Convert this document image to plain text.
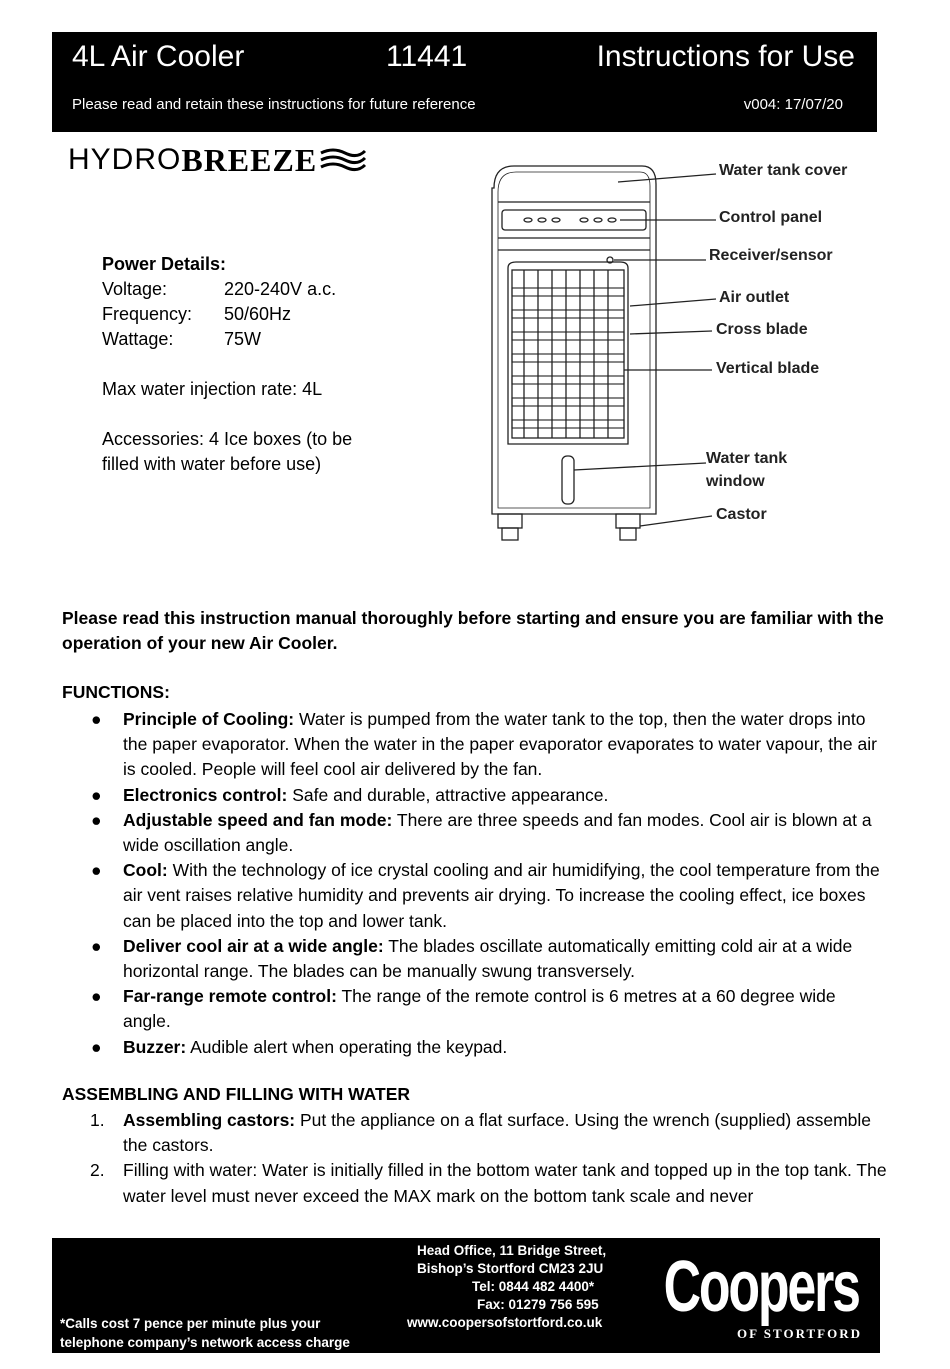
4L Air Cooler	11441	Instructions for Use
Please read and retain these instructions for future reference	v004: 17/07/20
HYDRO BREEZE
Power Details:
Voltage:	220-240V a.c.
Frequency:	50/60Hz
Wattage:	75W
Max water injection rate: 4L
Accessories: 4 Ice boxes (to be
filled with water before use)
Water tank cover
Control panel
Receiver/sensor
Air outlet
Cross blade
Vertical blade
Water tank
window
Castor
Please read this instruction manual thoroughly before starting and ensure you are familiar with the operation of your new Air Cooler.
FUNCTIONS:
● Principle of Cooling: Water is pumped from the water tank to the top, then the water drops into the paper evaporator. When the water in the paper evaporator evaporates to water vapour, the air is cooled. People will feel cool air delivered by the fan.
● Electronics control: Safe and durable, attractive appearance.
● Adjustable speed and fan mode: There are three speeds and fan modes. Cool air is blown at a wide oscillation angle.
● Cool: With the technology of ice crystal cooling and air humidifying, the cool temperature from the air vent raises relative humidity and prevents air drying. To increase the cooling effect, ice boxes can be placed into the top and lower tank.
● Deliver cool air at a wide angle: The blades oscillate automatically emitting cold air at a wide horizontal range. The blades can be manually swung transversely.
● Far-range remote control: The range of the remote control is 6 metres at a 60 degree wide angle.
● Buzzer: Audible alert when operating the keypad.
ASSEMBLING AND FILLING WITH WATER
1. Assembling castors: Put the appliance on a flat surface. Using the wrench (supplied) assemble the castors.
2. Filling with water: Water is initially filled in the bottom water tank and topped up in the top tank. The water level must never exceed the MAX mark on the bottom tank scale and never
*Calls cost 7 pence per minute plus your
telephone company’s network access charge
Head Office, 11 Bridge Street,
Bishop’s Stortford CM23 2JU
Tel: 0844 482 4400*
Fax: 01279 756 595
www.coopersofstortford.co.uk Coopers
OF STORTFORD
